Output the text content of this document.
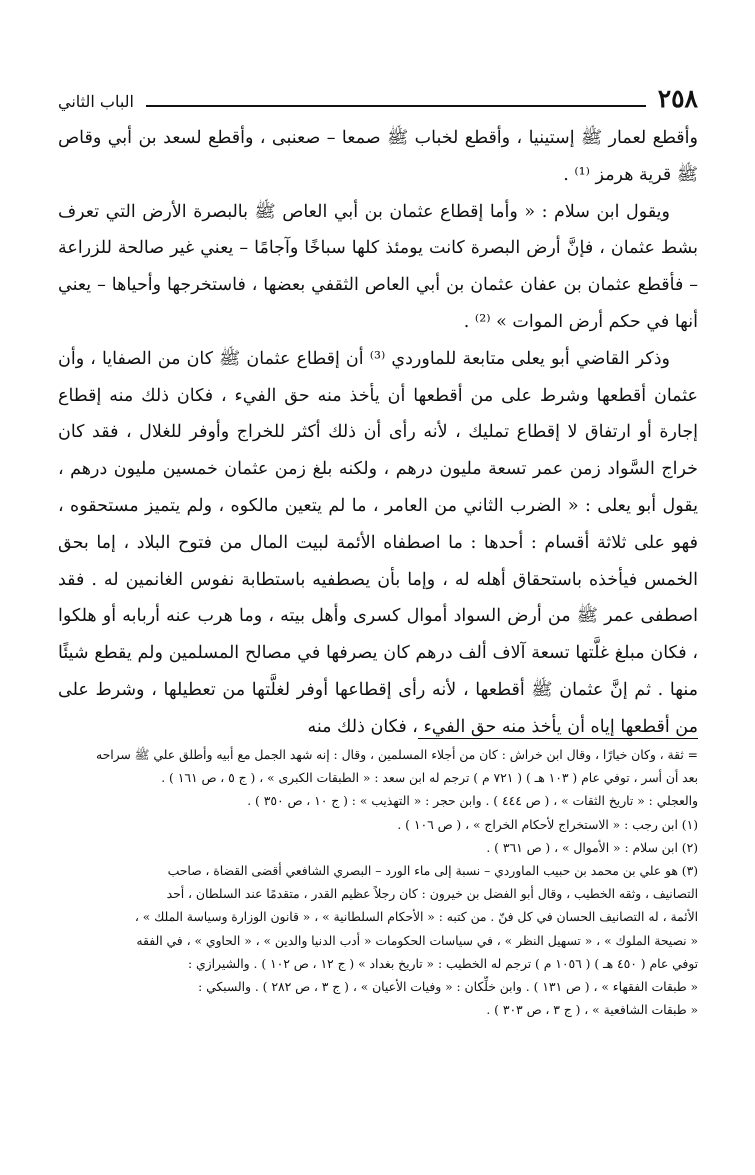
٢٥٨
الباب الثاني

وأقطع لعمار ﷺ إستينيا ، وأقطع لخباب ﷺ صمعا – صعنبى ، وأقطع لسعد بن أبي وقاص ﷺ قرية هرمز ⁽¹⁾ .

ويقول ابن سلام : « وأما إقطاع عثمان بن أبي العاص ﷺ بالبصرة الأرض التي تعرف بشط عثمان ، فإنَّ أرض البصرة كانت يومئذ كلها سباخًا وآجامًا – يعني غير صالحة للزراعة – فأقطع عثمان بن عفان عثمان بن أبي العاص الثقفي بعضها ، فاستخرجها وأحياها – يعني أنها في حكم أرض الموات » ⁽²⁾ .

وذكر القاضي أبو يعلى متابعة للماوردي ⁽³⁾ أن إقطاع عثمان ﷺ كان من الصفايا ، وأن عثمان أقطعها وشرط على من أقطعها أن يأخذ منه حق الفيء ، فكان ذلك منه إقطاع إجارة أو ارتفاق لا إقطاع تمليك ، لأنه رأى أن ذلك أكثر للخراج وأوفر للغلال ، فقد كان خراج السَّواد زمن عمر تسعة مليون درهم ، ولكنه بلغ زمن عثمان خمسين مليون درهم ، يقول أبو يعلى : « الضرب الثاني من العامر ، ما لم يتعين مالكوه ، ولم يتميز مستحقوه ، فهو على ثلاثة أقسام : أحدها : ما اصطفاه الأئمة لبيت المال من فتوح البلاد ، إما بحق الخمس فيأخذه باستحقاق أهله له ، وإما بأن يصطفيه باستطابة نفوس الغانمين له . فقد اصطفى عمر ﷺ من أرض السواد أموال كسرى وأهل بيته ، وما هرب عنه أربابه أو هلكوا ، فكان مبلغ غلَّتها تسعة آلاف ألف درهم كان يصرفها في مصالح المسلمين ولم يقطع شيئًا منها . ثم إنَّ عثمان ﷺ أقطعها ، لأنه رأى إقطاعها أوفر لغلَّتها من تعطيلها ، وشرط على من أقطعها إياه أن يأخذ منه حق الفيء ، فكان ذلك منه

= ثقة ، وكان خيارًا ، وقال ابن خراش : كان من أجلاء المسلمين ، وقال : إنه شهد الجمل مع أبيه وأطلق علي ﷺ سراحه

بعد أن أسر ، توفي عام ( ١٠٣ هـ ) ( ٧٢١ م ) ترجم له ابن سعد : « الطبقات الكبرى » ، ( ج ٥ ، ص ١٦١ ) .

والعجلي : « تاريخ الثقات » ، ( ص ٤٤٤ ) . وابن حجر : « التهذيب » : ( ج ١٠ ، ص ٣٥٠ ) .

(١) ابن رجب : « الاستخراج لأحكام الخراج » ، ( ص ١٠٦ ) .

(٢) ابن سلام : « الأموال » ، ( ص ٣٦١ ) .

(٣) هو علي بن محمد بن حبيب الماوردي – نسبة إلى ماء الورد – البصري الشافعي أقضى القضاة ، صاحب

التصانيف ، وثقه الخطيب ، وقال أبو الفضل بن خيرون : كان رجلاً عظيم القدر ، متقدمًا عند السلطان ، أحد

الأئمة ، له التصانيف الحسان في كل فنّ . من كتبه : « الأحكام السلطانية » ، « قانون الوزارة وسياسة الملك » ،

« نصيحة الملوك » ، « تسهيل النظر » ، في سياسات الحكومات « أدب الدنيا والدين » ، « الحاوي » ، في الفقه

توفي عام ( ٤٥٠ هـ ) ( ١٠٥٦ م ) ترجم له الخطيب : « تاريخ بغداد » ( ج ١٢ ، ص ١٠٢ ) . والشيرازي :

« طبقات الفقهاء » ، ( ص ١٣١ ) . وابن خلِّكان : « وفيات الأعيان » ، ( ج ٣ ، ص ٢٨٢ ) . والسبكي :

« طبقات الشافعية » ، ( ج ٣ ، ص ٣٠٣ ) .
